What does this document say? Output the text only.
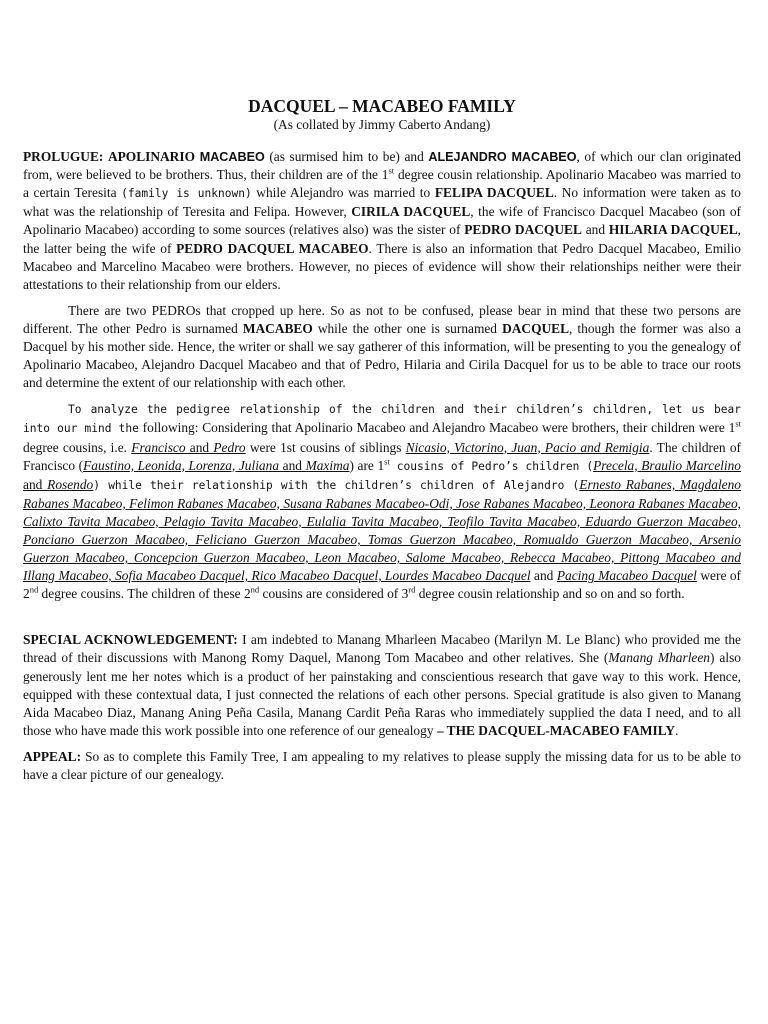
DACQUEL – MACABEO FAMILY

(As collated by Jimmy Caberto Andang)

PROLUGUE: APOLINARIO MACABEO (as surmised him to be) and ALEJANDRO MACABEO, of which our clan originated from, were believed to be brothers. Thus, their children are of the 1st degree cousin relationship. Apolinario Macabeo was married to a certain Teresita (family is unknown) while Alejandro was married to FELIPA DACQUEL. No information were taken as to what was the relationship of Teresita and Felipa. However, CIRILA DACQUEL, the wife of Francisco Dacquel Macabeo (son of Apolinario Macabeo) according to some sources (relatives also) was the sister of PEDRO DACQUEL and HILARIA DACQUEL, the latter being the wife of PEDRO DACQUEL MACABEO. There is also an information that Pedro Dacquel Macabeo, Emilio Macabeo and Marcelino Macabeo were brothers. However, no pieces of evidence will show their relationships neither were their attestations to their relationship from our elders.

There are two PEDROs that cropped up here. So as not to be confused, please bear in mind that these two persons are different. The other Pedro is surnamed MACABEO while the other one is surnamed DACQUEL, though the former was also a Dacquel by his mother side. Hence, the writer or shall we say gatherer of this information, will be presenting to you the genealogy of Apolinario Macabeo, Alejandro Dacquel Macabeo and that of Pedro, Hilaria and Cirila Dacquel for us to be able to trace our roots and determine the extent of our relationship with each other.

To analyze the pedigree relationship of the children and their children’s children, let us bear into our mind the following: Considering that Apolinario Macabeo and Alejandro Macabeo were brothers, their children were 1st degree cousins, i.e. Francisco and Pedro were 1st cousins of siblings Nicasio, Victorino, Juan, Pacio and Remigia. The children of Francisco (Faustino, Leonida, Lorenza, Juliana and Maxima) are 1st cousins of Pedro’s children (Precela, Braulio Marcelino and Rosendo) while their relationship with the children’s children of Alejandro (Ernesto Rabanes, Magdaleno Rabanes Macabeo, Felimon Rabanes Macabeo, Susana Rabanes Macabeo-Odi, Jose Rabanes Macabeo, Leonora Rabanes Macabeo, Calixto Tavita Macabeo, Pelagio Tavita Macabeo, Eulalia Tavita Macabeo, Teofilo Tavita Macabeo, Eduardo Guerzon Macabeo, Ponciano Guerzon Macabeo, Feliciano Guerzon Macabeo, Tomas Guerzon Macabeo, Romualdo Guerzon Macabeo, Arsenio Guerzon Macabeo, Concepcion Guerzon Macabeo, Leon Macabeo, Salome Macabeo, Rebecca Macabeo, Pittong Macabeo and Illang Macabeo, Sofia Macabeo Dacquel, Rico Macabeo Dacquel, Lourdes Macabeo Dacquel and Pacing Macabeo Dacquel were of 2nd degree cousins. The children of these 2nd cousins are considered of 3rd degree cousin relationship and so on and so forth.

SPECIAL ACKNOWLEDGEMENT: I am indebted to Manang Mharleen Macabeo (Marilyn M. Le Blanc) who provided me the thread of their discussions with Manong Romy Daquel, Manong Tom Macabeo and other relatives. She (Manang Mharleen) also generously lent me her notes which is a product of her painstaking and conscientious research that gave way to this work. Hence, equipped with these contextual data, I just connected the relations of each other persons. Special gratitude is also given to Manang Aida Macabeo Diaz, Manang Aning Peña Casila, Manang Cardit Peña Raras who immediately supplied the data I need, and to all those who have made this work possible into one reference of our genealogy – THE DACQUEL-MACABEO FAMILY.

APPEAL: So as to complete this Family Tree, I am appealing to my relatives to please supply the missing data for us to be able to have a clear picture of our genealogy.
